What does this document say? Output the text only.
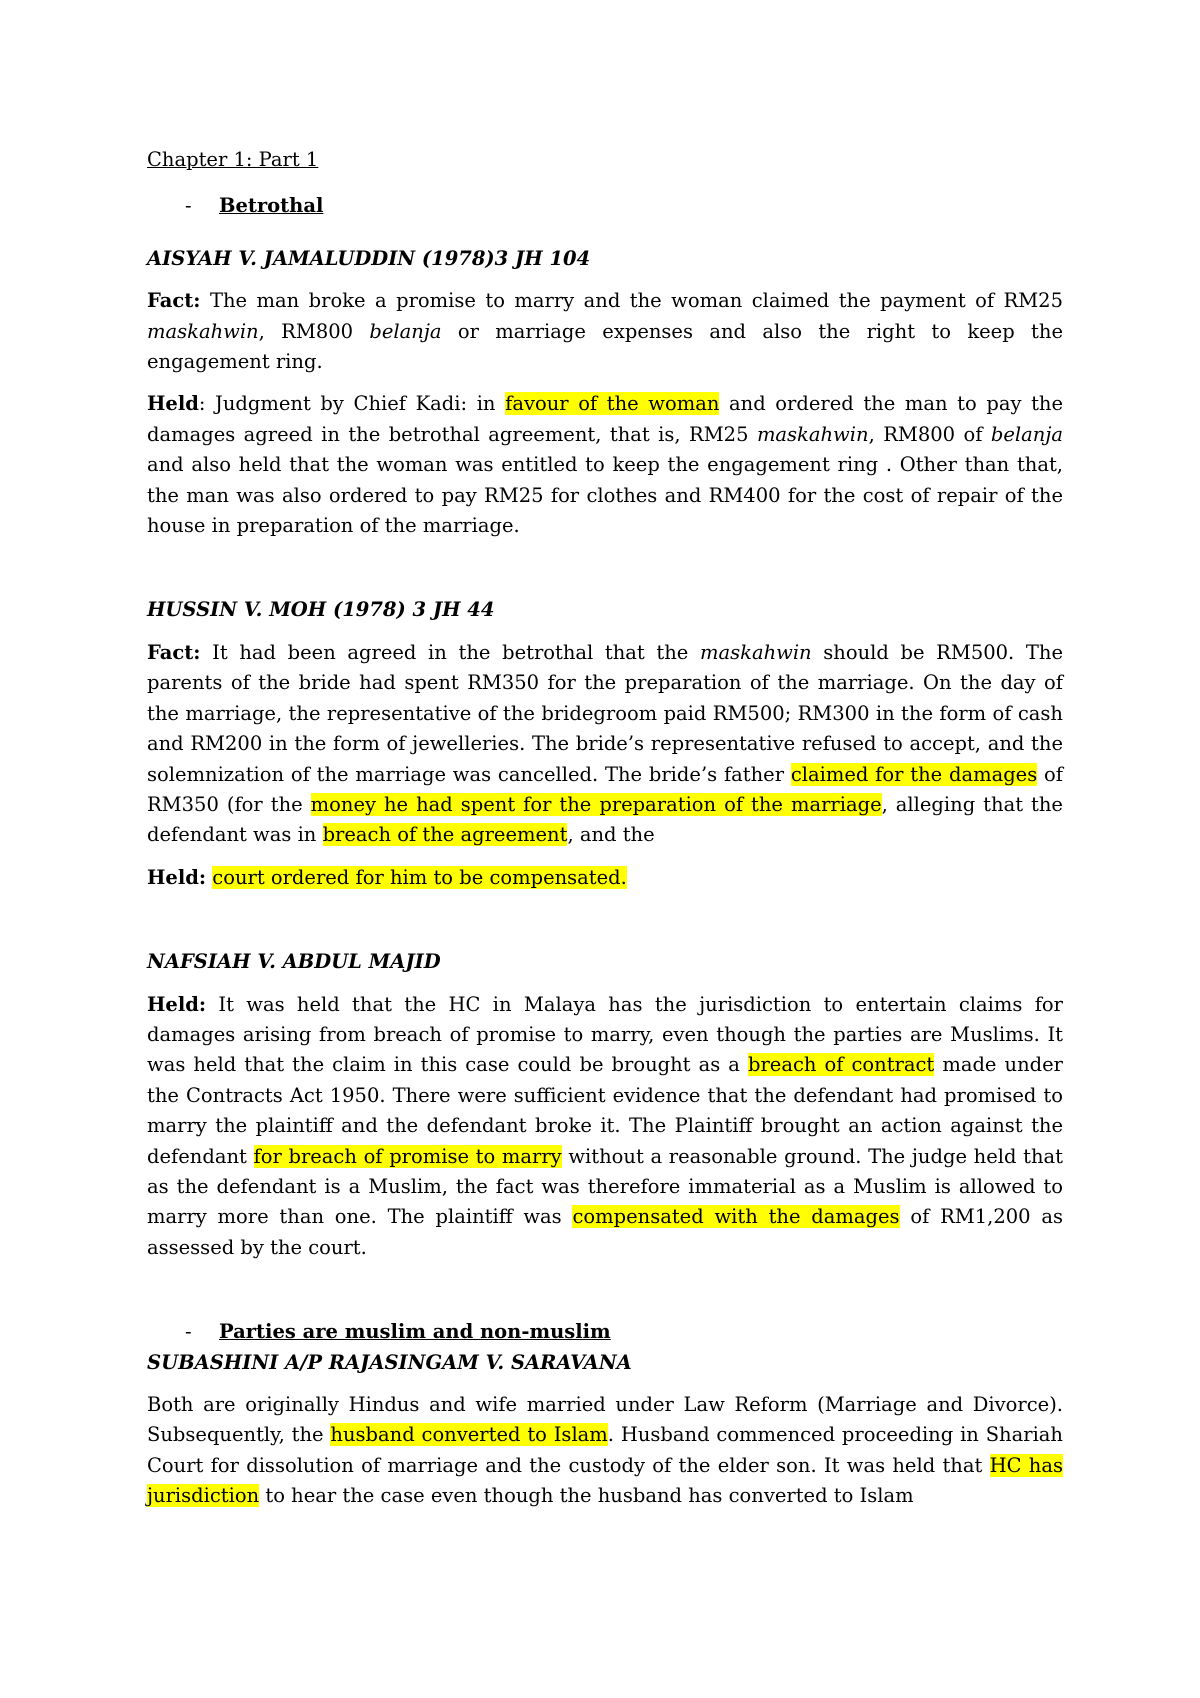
Chapter 1: Part 1

- Betrothal

AISYAH V. JAMALUDDIN (1978)3 JH 104

Fact: The man broke a promise to marry and the woman claimed the payment of RM25 maskahwin, RM800 belanja or marriage expenses and also the right to keep the engagement ring.

Held: Judgment by Chief Kadi: in favour of the woman and ordered the man to pay the damages agreed in the betrothal agreement, that is, RM25 maskahwin, RM800 of belanja and also held that the woman was entitled to keep the engagement ring . Other than that, the man was also ordered to pay RM25 for clothes and RM400 for the cost of repair of the house in preparation of the marriage.

HUSSIN V. MOH (1978) 3 JH 44

Fact: It had been agreed in the betrothal that the maskahwin should be RM500. The parents of the bride had spent RM350 for the preparation of the marriage. On the day of the marriage, the representative of the bridegroom paid RM500; RM300 in the form of cash and RM200 in the form of jewelleries. The bride’s representative refused to accept, and the solemnization of the marriage was cancelled. The bride’s father claimed for the damages of RM350 (for the money he had spent for the preparation of the marriage, alleging that the defendant was in breach of the agreement, and the

Held: court ordered for him to be compensated.

NAFSIAH V. ABDUL MAJID

Held: It was held that the HC in Malaya has the jurisdiction to entertain claims for damages arising from breach of promise to marry, even though the parties are Muslims. It was held that the claim in this case could be brought as a breach of contract made under the Contracts Act 1950. There were sufficient evidence that the defendant had promised to marry the plaintiff and the defendant broke it. The Plaintiff brought an action against the defendant for breach of promise to marry without a reasonable ground. The judge held that as the defendant is a Muslim, the fact was therefore immaterial as a Muslim is allowed to marry more than one. The plaintiff was compensated with the damages of RM1,200 as assessed by the court.

- Parties are muslim and non-muslim

SUBASHINI A/P RAJASINGAM V. SARAVANA

Both are originally Hindus and wife married under Law Reform (Marriage and Divorce). Subsequently, the husband converted to Islam. Husband commenced proceeding in Shariah Court for dissolution of marriage and the custody of the elder son. It was held that HC has jurisdiction to hear the case even though the husband has converted to Islam
